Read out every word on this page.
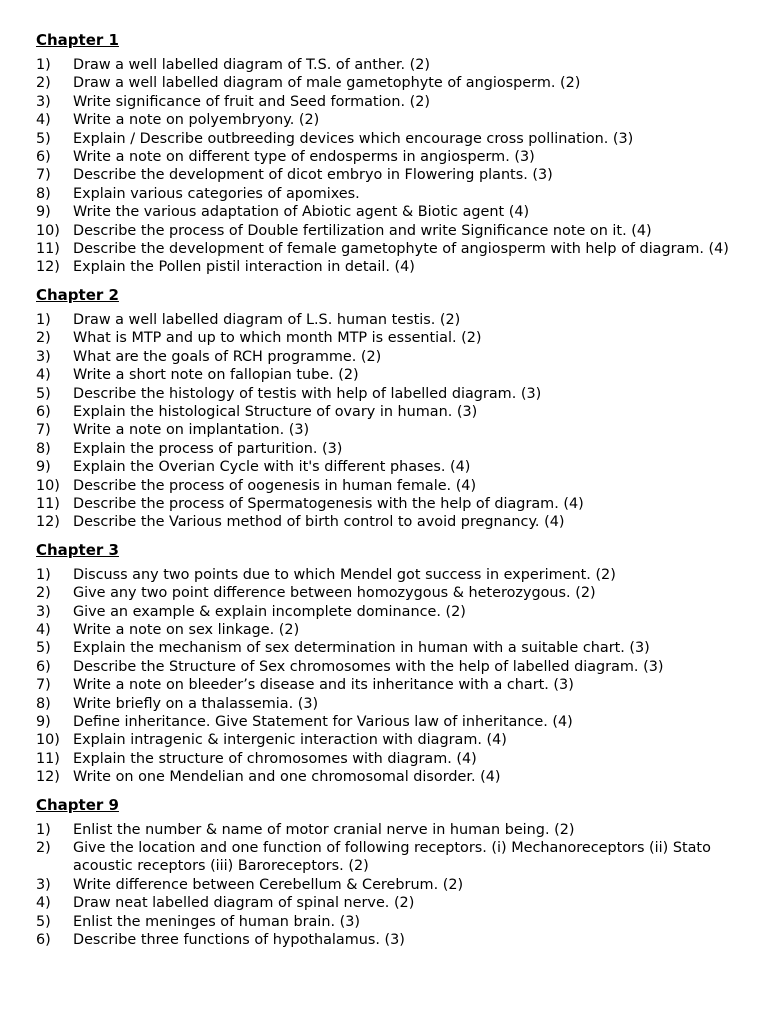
Chapter 1
1)	Draw a well labelled diagram of T.S. of anther. (2)
2)	Draw a well labelled diagram of male gametophyte of angiosperm. (2)
3)	Write significance of fruit and Seed formation. (2)
4)	Write a note on polyembryony. (2)
5)	Explain / Describe outbreeding devices which encourage cross pollination. (3)
6)	Write a note on different type of endosperms in angiosperm. (3)
7)	Describe the development of dicot embryo in Flowering plants. (3)
8)	Explain various categories of apomixes.
9)	Write the various adaptation of Abiotic agent & Biotic agent (4)
10) Describe the process of Double fertilization and write Significance note on it. (4)
11) Describe the development of female gametophyte of angiosperm with help of diagram. (4)
12) Explain the Pollen pistil interaction in detail. (4)
Chapter 2
1)	Draw a well labelled diagram of L.S. human testis. (2)
2)	What is MTP and up to which month MTP is essential. (2)
3)	What are the goals of RCH programme. (2)
4)	Write a short note on fallopian tube. (2)
5)	Describe the histology of testis with help of labelled diagram. (3)
6)	Explain the histological Structure of ovary in human. (3)
7)	Write a note on implantation. (3)
8)	Explain the process of parturition. (3)
9)	Explain the Overian Cycle with it's different phases. (4)
10) Describe the process of oogenesis in human female. (4)
11) Describe the process of Spermatogenesis with the help of diagram. (4)
12) Describe the Various method of birth control to avoid pregnancy. (4)
Chapter 3
1)	Discuss any two points due to which Mendel got success in experiment. (2)
2)	Give any two point difference between homozygous & heterozygous. (2)
3)	Give an example & explain incomplete dominance. (2)
4)	Write a note on sex linkage. (2)
5)	Explain the mechanism of sex determination in human with a suitable chart. (3)
6)	Describe the Structure of Sex chromosomes with the help of labelled diagram. (3)
7)	Write a note on bleeder’s disease and its inheritance with a chart. (3)
8)	Write briefly on a thalassemia. (3)
9)	Define inheritance. Give Statement for Various law of inheritance. (4)
10) Explain intragenic & intergenic interaction with diagram. (4)
11) Explain the structure of chromosomes with diagram. (4)
12) Write on one Mendelian and one chromosomal disorder. (4)
Chapter 9
1)	Enlist the number & name of motor cranial nerve in human being. (2)
2)	Give the location and one function of following receptors. (i) Mechanoreceptors (ii) Stato acoustic receptors (iii) Baroreceptors. (2)
3)	Write difference between Cerebellum & Cerebrum. (2)
4)	Draw neat labelled diagram of spinal nerve. (2)
5)	Enlist the meninges of human brain. (3)
6)	Describe three functions of hypothalamus. (3)
